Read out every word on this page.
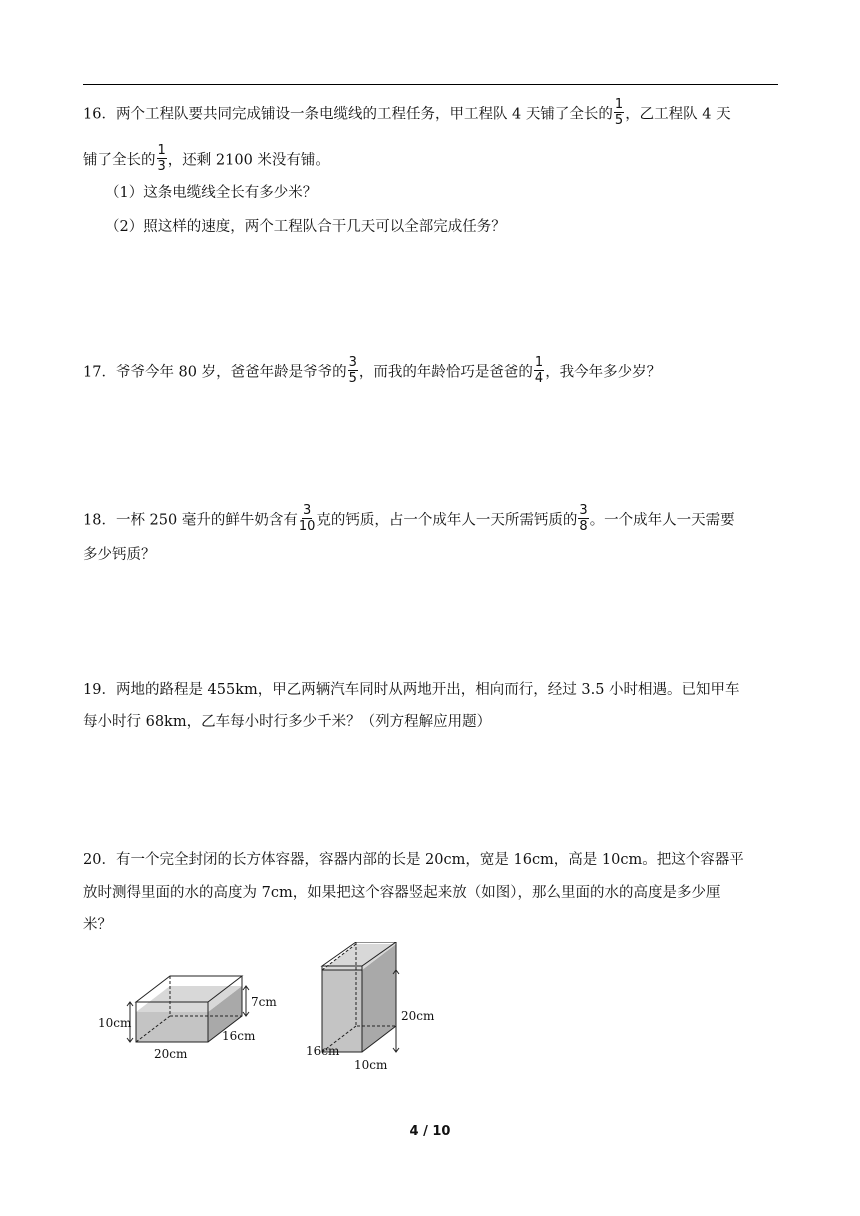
16．两个工程队要共同完成铺设一条电缆线的工程任务，甲工程队 4 天铺了全长的 $\frac{1}{5}$ ，乙工程队 4 天
铺了全长的 $\frac{1}{3}$ ，还剩 2100 米没有铺。
（1）这条电缆线全长有多少米？
（2）照这样的速度，两个工程队合干几天可以全部完成任务？
17．爷爷今年 80 岁，爸爸年龄是爷爷的 $\frac{3}{5}$ ，而我的年龄恰巧是爸爸的 $\frac{1}{4}$ ，我今年多少岁？
18．一杯 250 毫升的鲜牛奶含有 $\frac{3}{10}$ 克的钙质，占一个成年人一天所需钙质的 $\frac{3}{8}$ 。一个成年人一天需要
多少钙质？
19．两地的路程是 455km，甲乙两辆汽车同时从两地开出，相向而行，经过 3.5 小时相遇。已知甲车
每小时行 68km，乙车每小时行多少千米？（列方程解应用题）
20．有一个完全封闭的长方体容器，容器内部的长是 20cm，宽是 16cm，高是 10cm。把这个容器平
放时测得里面的水的高度为 7cm，如果把这个容器竖起来放（如图），那么里面的水的高度是多少厘
米？
10cm
7cm
16cm
20cm
20cm
16cm
10cm
4 / 10
